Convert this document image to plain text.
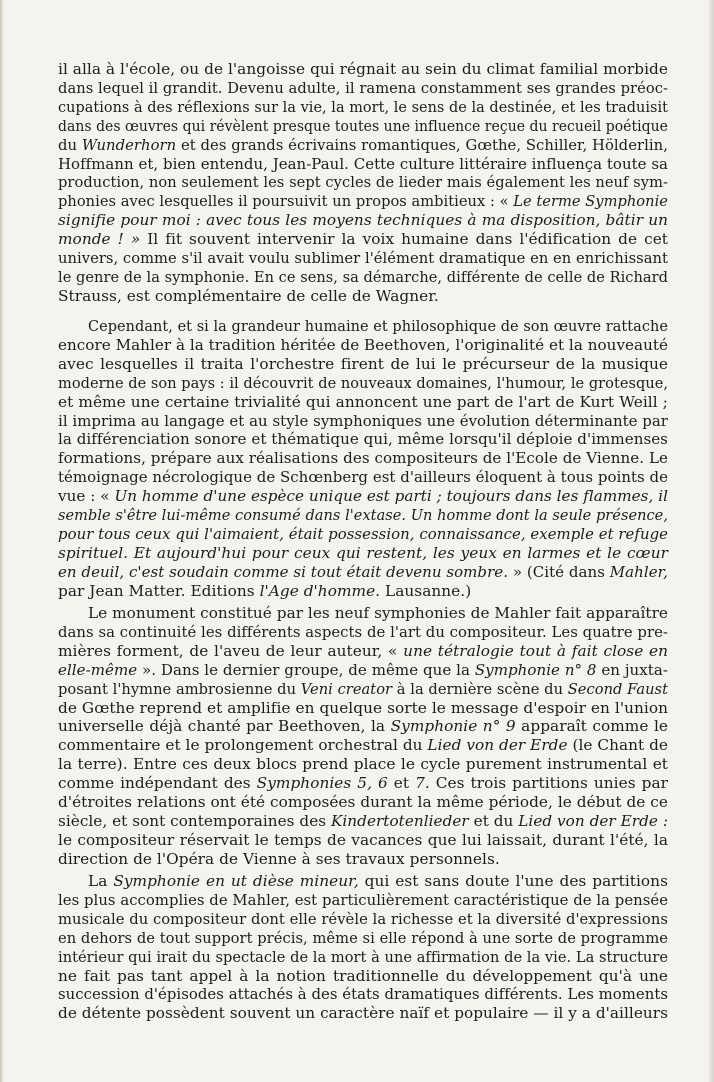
il alla à l'école, ou de l'angoisse qui régnait au sein du climat familial morbide
dans lequel il grandit. Devenu adulte, il ramena constamment ses grandes préoc-
cupations à des réflexions sur la vie, la mort, le sens de la destinée, et les traduisit
dans des œuvres qui révèlent presque toutes une influence reçue du recueil poétique
du Wunderhorn et des grands écrivains romantiques, Gœthe, Schiller, Hölderlin,
Hoffmann et, bien entendu, Jean-Paul. Cette culture littéraire influença toute sa
production, non seulement les sept cycles de lieder mais également les neuf sym-
phonies avec lesquelles il poursuivit un propos ambitieux : « Le terme Symphonie
signifie pour moi : avec tous les moyens techniques à ma disposition, bâtir un
monde ! » Il fit souvent intervenir la voix humaine dans l'édification de cet
univers, comme s'il avait voulu sublimer l'élément dramatique en en enrichissant
le genre de la symphonie. En ce sens, sa démarche, différente de celle de Richard
Strauss, est complémentaire de celle de Wagner.
Cependant, et si la grandeur humaine et philosophique de son œuvre rattache
encore Mahler à la tradition héritée de Beethoven, l'originalité et la nouveauté
avec lesquelles il traita l'orchestre firent de lui le précurseur de la musique
moderne de son pays : il découvrit de nouveaux domaines, l'humour, le grotesque,
et même une certaine trivialité qui annoncent une part de l'art de Kurt Weill ;
il imprima au langage et au style symphoniques une évolution déterminante par
la différenciation sonore et thématique qui, même lorsqu'il déploie d'immenses
formations, prépare aux réalisations des compositeurs de l'Ecole de Vienne. Le
témoignage nécrologique de Schœnberg est d'ailleurs éloquent à tous points de
vue : « Un homme d'une espèce unique est parti ; toujours dans les flammes, il
semble s'être lui-même consumé dans l'extase. Un homme dont la seule présence,
pour tous ceux qui l'aimaient, était possession, connaissance, exemple et refuge
spirituel. Et aujourd'hui pour ceux qui restent, les yeux en larmes et le cœur
en deuil, c'est soudain comme si tout était devenu sombre. » (Cité dans Mahler,
par Jean Matter. Editions l'Age d'homme. Lausanne.)
Le monument constitué par les neuf symphonies de Mahler fait apparaître
dans sa continuité les différents aspects de l'art du compositeur. Les quatre pre-
mières forment, de l'aveu de leur auteur, « une tétralogie tout à fait close en
elle-même ». Dans le dernier groupe, de même que la Symphonie n° 8 en juxta-
posant l'hymne ambrosienne du Veni creator à la dernière scène du Second Faust
de Gœthe reprend et amplifie en quelque sorte le message d'espoir en l'union
universelle déjà chanté par Beethoven, la Symphonie n° 9 apparaît comme le
commentaire et le prolongement orchestral du Lied von der Erde (le Chant de
la terre). Entre ces deux blocs prend place le cycle purement instrumental et
comme indépendant des Symphonies 5, 6 et 7. Ces trois partitions unies par
d'étroites relations ont été composées durant la même période, le début de ce
siècle, et sont contemporaines des Kindertotenlieder et du Lied von der Erde :
le compositeur réservait le temps de vacances que lui laissait, durant l'été, la
direction de l'Opéra de Vienne à ses travaux personnels.
La Symphonie en ut dièse mineur, qui est sans doute l'une des partitions
les plus accomplies de Mahler, est particulièrement caractéristique de la pensée
musicale du compositeur dont elle révèle la richesse et la diversité d'expressions
en dehors de tout support précis, même si elle répond à une sorte de programme
intérieur qui irait du spectacle de la mort à une affirmation de la vie. La structure
ne fait pas tant appel à la notion traditionnelle du développement qu'à une
succession d'épisodes attachés à des états dramatiques différents. Les moments
de détente possèdent souvent un caractère naïf et populaire — il y a d'ailleurs
